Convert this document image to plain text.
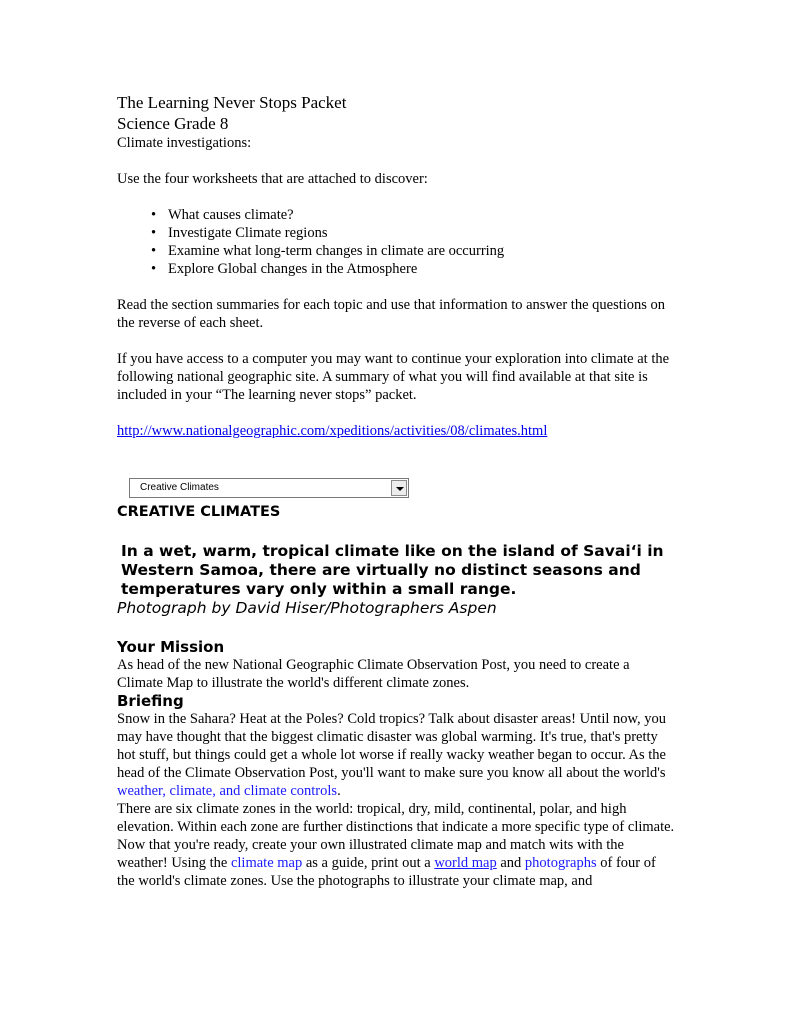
The Learning Never Stops Packet

Science Grade 8

Climate investigations:

Use the four worksheets that are attached to discover:

• What causes climate?
• Investigate Climate regions
• Examine what long-term changes in climate are occurring
• Explore Global changes in the Atmosphere

Read the section summaries for each topic and use that information to answer the questions on the reverse of each sheet.

If you have access to a computer you may want to continue your exploration into climate at the following national geographic site. A summary of what you will find available at that site is included in your “The learning never stops” packet.

http://www.nationalgeographic.com/xpeditions/activities/08/climates.html

Creative Climates

CREATIVE CLIMATES

In a wet, warm, tropical climate like on the island of Savai‘i in Western Samoa, there are virtually no distinct seasons and temperatures vary only within a small range.

Photograph by David Hiser/Photographers Aspen

Your Mission

As head of the new National Geographic Climate Observation Post, you need to create a Climate Map to illustrate the world's different climate zones.

Briefing

Snow in the Sahara? Heat at the Poles? Cold tropics? Talk about disaster areas! Until now, you may have thought that the biggest climatic disaster was global warming. It's true, that's pretty hot stuff, but things could get a whole lot worse if really wacky weather began to occur. As the head of the Climate Observation Post, you'll want to make sure you know all about the world's weather, climate, and climate controls.

There are six climate zones in the world: tropical, dry, mild, continental, polar, and high elevation. Within each zone are further distinctions that indicate a more specific type of climate.

Now that you're ready, create your own illustrated climate map and match wits with the weather! Using the climate map as a guide, print out a world map and photographs of four of the world's climate zones. Use the photographs to illustrate your climate map, and
